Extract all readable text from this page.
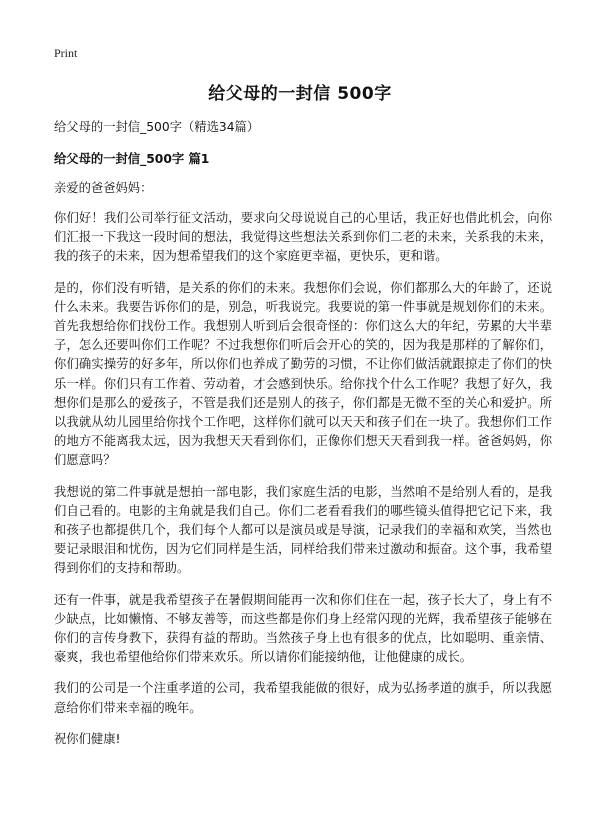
Print
给父母的一封信 500字

给父母的一封信_500字（精选34篇）

给父母的一封信_500字 篇1

亲爱的爸爸妈妈：

你们好！我们公司举行征文活动，要求向父母说说自己的心里话，我正好也借此机会，向你们汇报一下我这一段时间的想法，我觉得这些想法关系到你们二老的未来，关系我的未来，我的孩子的未来，因为想希望我们的这个家庭更幸福，更快乐，更和谐。

是的，你们没有听错，是关系的你们的未来。我想你们会说，你们都那么大的年龄了，还说什么未来。我要告诉你们的是，别急，听我说完。我要说的第一件事就是规划你们的未来。首先我想给你们找份工作。我想别人听到后会很奇怪的：你们这么大的年纪，劳累的大半辈子，怎么还要叫你们工作呢？不过我想你们听后会开心的笑的，因为我是那样的了解你们，你们确实操劳的好多年，所以你们也养成了勤劳的习惯，不让你们做活就跟掠走了你们的快乐一样。你们只有工作着、劳动着，才会感到快乐。给你找个什么工作呢？我想了好久，我想你们是那么的爱孩子，不管是我们还是别人的孩子，你们都是无微不至的关心和爱护。所以我就从幼儿园里给你找个工作吧，这样你们就可以天天和孩子们在一块了。我想你们工作的地方不能离我太远，因为我想天天看到你们，正像你们想天天看到我一样。爸爸妈妈，你们愿意吗？

我想说的第二件事就是想拍一部电影，我们家庭生活的电影，当然咱不是给别人看的，是我们自己看的。电影的主角就是我们自己。你们二老看看我们的哪些镜头值得把它记下来，我和孩子也都提供几个，我们每个人都可以是演员或是导演，记录我们的幸福和欢笑，当然也要记录眼泪和忧伤，因为它们同样是生活，同样给我们带来过激动和振奋。这个事，我希望得到你们的支持和帮助。

还有一件事，就是我希望孩子在暑假期间能再一次和你们住在一起，孩子长大了，身上有不少缺点，比如懒惰、不够友善等，而这些都是你们身上经常闪现的光辉，我希望孩子能够在你们的言传身教下，获得有益的帮助。当然孩子身上也有很多的优点，比如聪明、重亲情、豪爽，我也希望他给你们带来欢乐。所以请你们能接纳他，让他健康的成长。

我们的公司是一个注重孝道的公司，我希望我能做的很好，成为弘扬孝道的旗手，所以我愿意给你们带来幸福的晚年。

祝你们健康!
